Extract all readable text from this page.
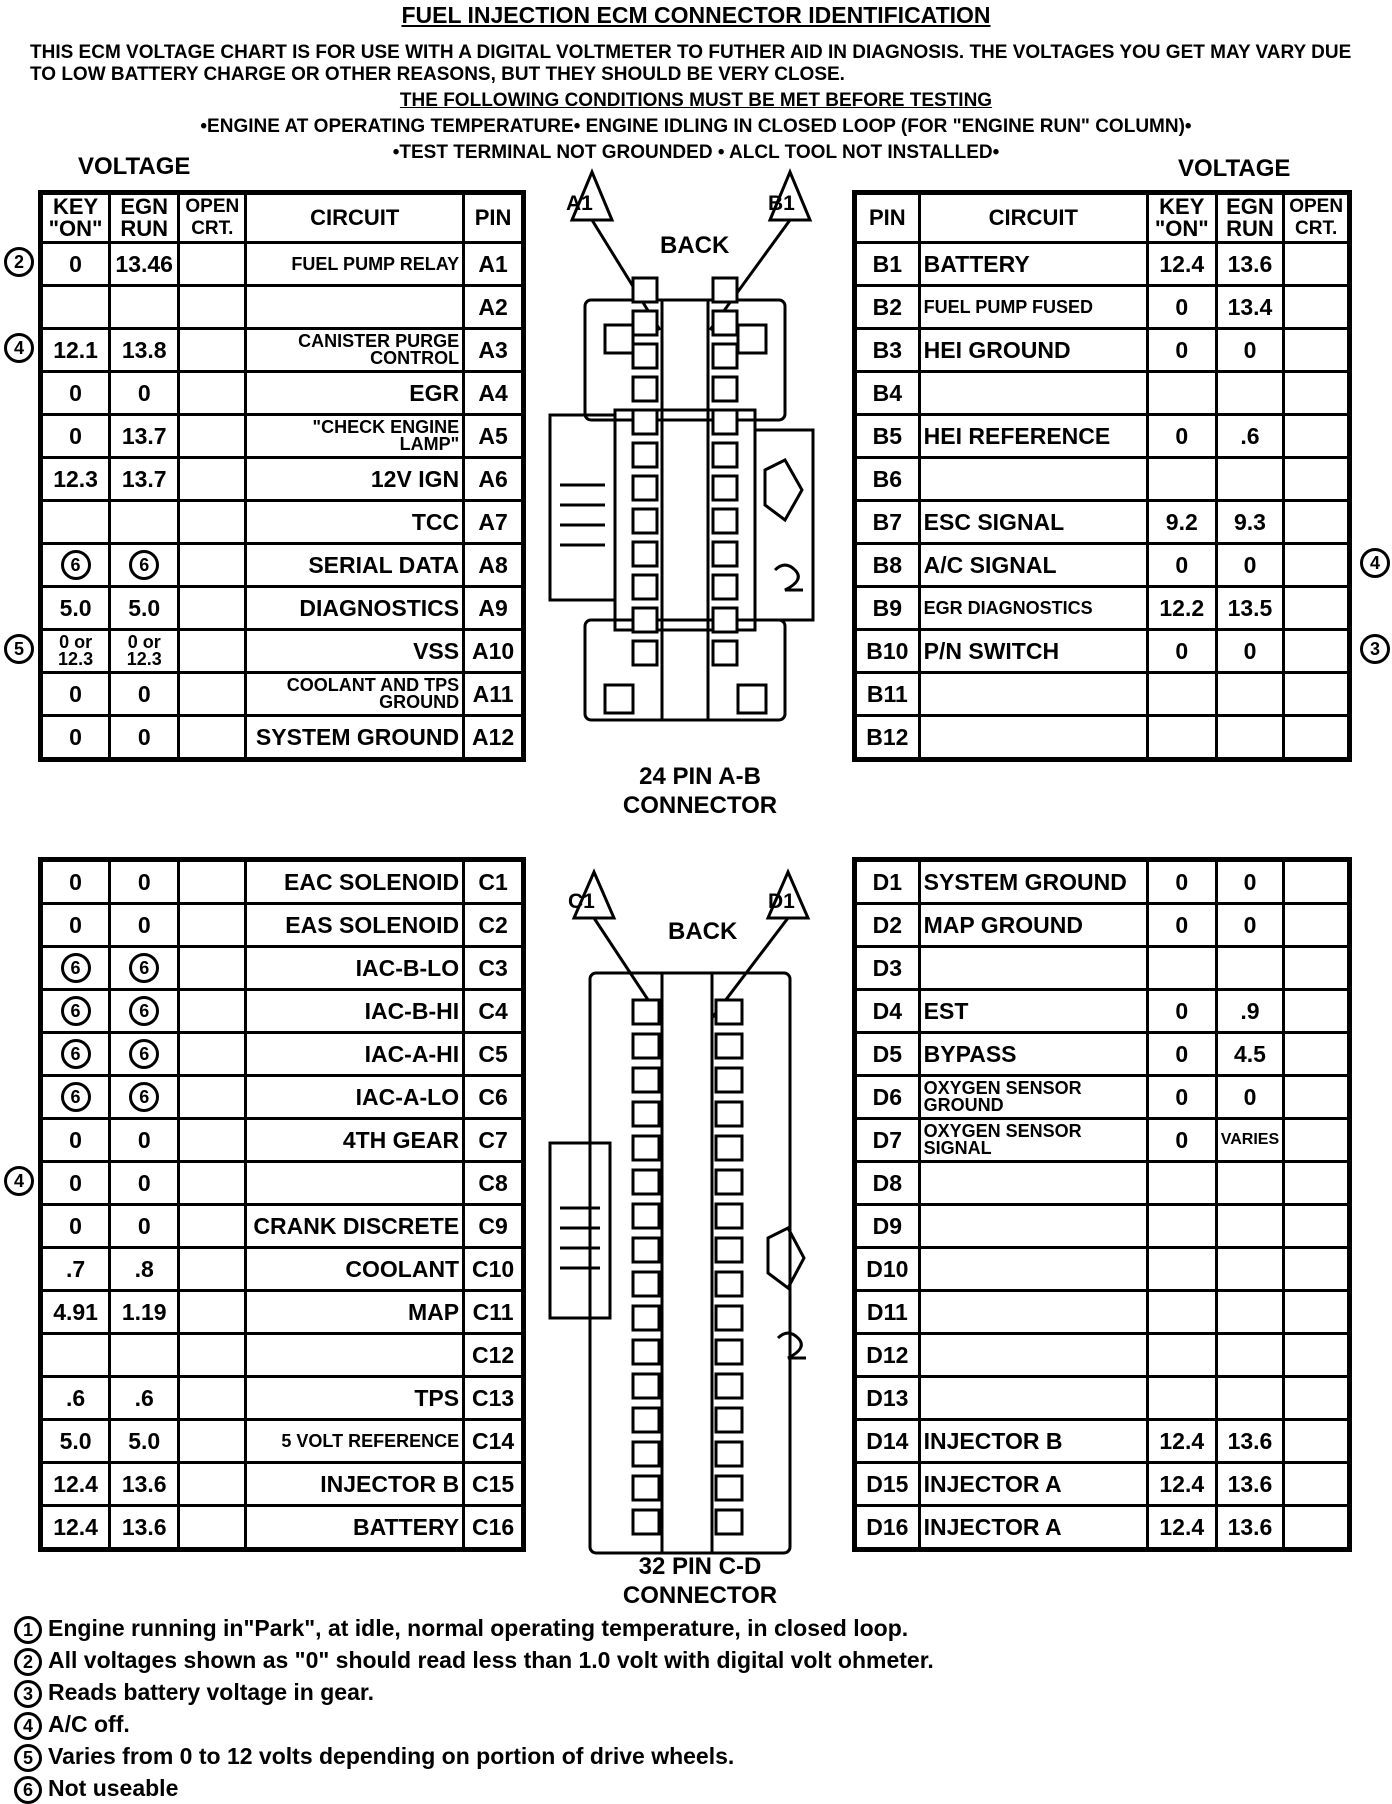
FUEL INJECTION ECM CONNECTOR IDENTIFICATION
THIS ECM VOLTAGE CHART IS FOR USE WITH A DIGITAL VOLTMETER TO FUTHER AID IN DIAGNOSIS. THE VOLTAGES YOU GET MAY VARY DUE TO LOW BATTERY CHARGE OR OTHER REASONS, BUT THEY SHOULD BE VERY CLOSE.
THE FOLLOWING CONDITIONS MUST BE MET BEFORE TESTING
•ENGINE AT OPERATING TEMPERATURE• ENGINE IDLING IN CLOSED LOOP (FOR "ENGINE RUN" COLUMN)•
•TEST TERMINAL NOT GROUNDED • ALCL TOOL NOT INSTALLED•
VOLTAGE	VOLTAGE
KEY "ON"	EGN RUN	OPEN CRT.	CIRCUIT	PIN
0	13.46		FUEL PUMP RELAY	A1
				A2
12.1	13.8		CANISTER PURGE CONTROL	A3
0	0		EGR	A4
0	13.7		"CHECK ENGINE LAMP"	A5
12.3	13.7		12V IGN	A6
			TCC	A7
6	6		SERIAL DATA	A8
5.0	5.0		DIAGNOSTICS	A9
0 or 12.3	0 or 12.3		VSS	A10
0	0		COOLANT AND TPS GROUND	A11
0	0		SYSTEM GROUND	A12
PIN	CIRCUIT	KEY "ON"	EGN RUN	OPEN CRT.
B1	BATTERY	12.4	13.6	
B2	FUEL PUMP FUSED	0	13.4	
B3	HEI GROUND	0	0	
B4				
B5	HEI REFERENCE	0	.6	
B6				
B7	ESC SIGNAL	9.2	9.3	
B8	A/C SIGNAL	0	0	
B9	EGR DIAGNOSTICS	12.2	13.5	
B10	P/N SWITCH	0	0	
B11				
B12				
0	0		EAC SOLENOID	C1
0	0		EAS SOLENOID	C2
6	6		IAC-B-LO	C3
6	6		IAC-B-HI	C4
6	6		IAC-A-HI	C5
6	6		IAC-A-LO	C6
0	0		4TH GEAR	C7
0	0			C8
0	0		CRANK DISCRETE	C9
.7	.8		COOLANT	C10
4.91	1.19		MAP	C11
				C12
.6	.6		TPS	C13
5.0	5.0		5 VOLT REFERENCE	C14
12.4	13.6		INJECTOR B	C15
12.4	13.6		BATTERY	C16
D1	SYSTEM GROUND	0	0	
D2	MAP GROUND	0	0	
D3				
D4	EST	0	.9	
D5	BYPASS	0	4.5	
D6	OXYGEN SENSOR GROUND	0	0	
D7	OXYGEN SENSOR SIGNAL	0	VARIES	
D8				
D9				
D10				
D11				
D12				
D13				
D14	INJECTOR B	12.4	13.6	
D15	INJECTOR A	12.4	13.6	
D16	INJECTOR A	12.4	13.6	
A1	B1
BACK
24 PIN A-B
CONNECTOR
C1	D1
BACK
32 PIN C-D
CONNECTOR
1 Engine running in"Park", at idle, normal operating temperature, in closed loop.
2 All voltages shown as "0" should read less than 1.0 volt with digital volt ohmeter.
3 Reads battery voltage in gear.
4 A/C off.
5 Varies from 0 to 12 volts depending on portion of drive wheels.
6 Not useable
2
4
5
4
3
4
